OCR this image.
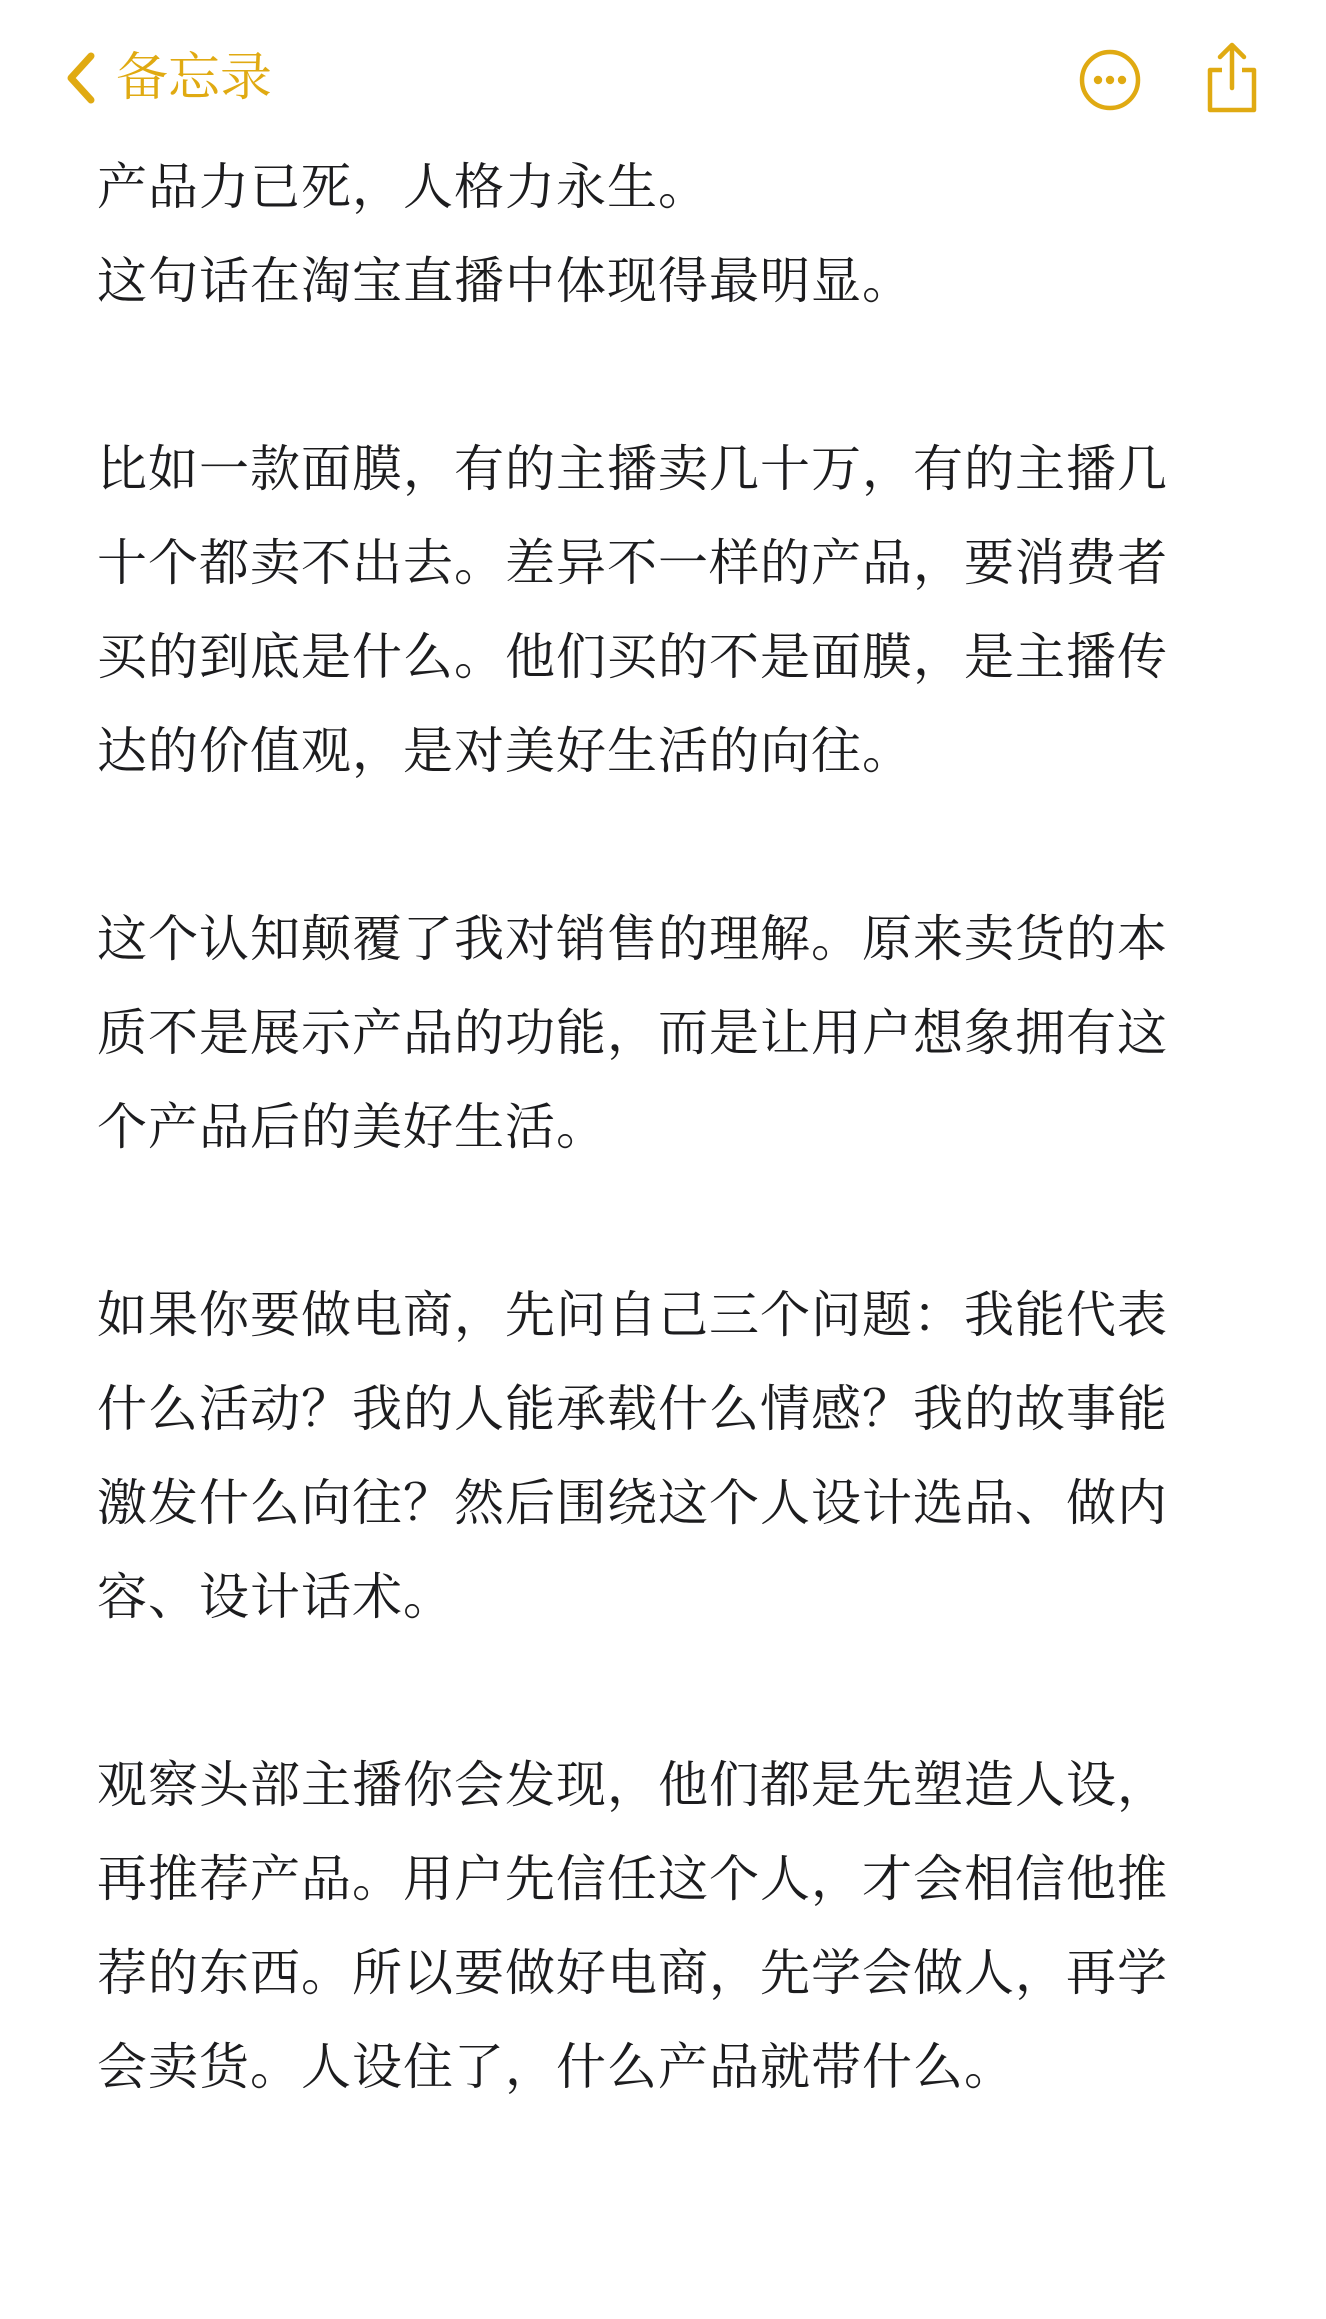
备忘录

产品力已死，人格力永生。
这句话在淘宝直播中体现得最明显。

比如一款面膜，有的主播卖几十万，有的主播几
十个都卖不出去。差异不一样的产品，要消费者
买的到底是什么。他们买的不是面膜，是主播传
达的价值观，是对美好生活的向往。

这个认知颠覆了我对销售的理解。原来卖货的本
质不是展示产品的功能，而是让用户想象拥有这
个产品后的美好生活。

如果你要做电商，先问自己三个问题：我能代表
什么活动？我的人能承载什么情感？我的故事能
激发什么向往？然后围绕这个人设计选品、做内
容、设计话术。

观察头部主播你会发现，他们都是先塑造人设，
再推荐产品。用户先信任这个人，才会相信他推
荐的东西。所以要做好电商，先学会做人，再学
会卖货。人设住了，什么产品就带什么。
